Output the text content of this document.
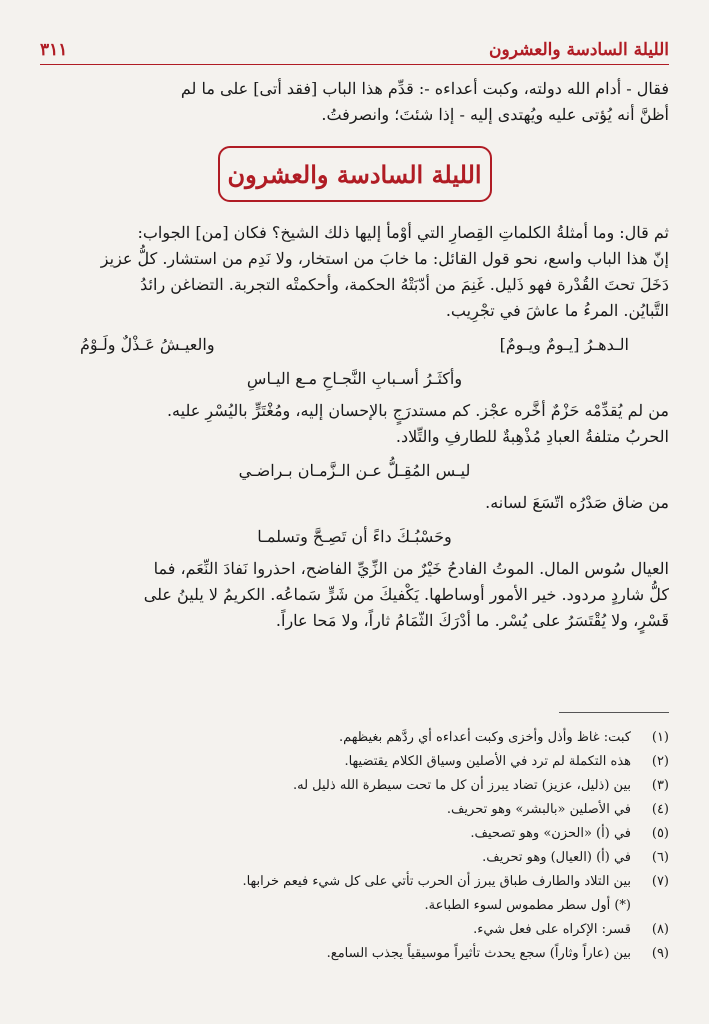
الليلة السادسة والعشرون
٣١١

فقال - أدام الله دولته، وكبت أعداءه -: قدِّم هذا الباب [فقد أتى] على ما لم

أظنَّ أنه يُؤتى عليه ويُهتدى إليه - إذا شئتَ؛ وانصرفتُ.

الليلة السادسة والعشرون

ثم قال: وما أمثلةُ الكلماتِ القِصارِ التي أوْمأ إليها ذلك الشيخ؟ فكان [من] الجواب:

إنّ هذا الباب واسع، نحو قول القائل: ما خابَ من استخار، ولا نَدِم من استشار. كلُّ عزيز

دَخَلَ تحتَ القُدْرة فهو ذَليل. غَنِمَ من أدّبَتْهُ الحكمة، وأحكمتْه التجربة. التضاغن رائدُ

التَّبايُن. المرءُ ما عاشَ في تجْرِيب.

الـدهـرُ [يـومٌ ويـومٌ]
والعيـشُ عَـذْلٌ ولَـوْمُ
وأكثَـرُ أسـبابِ النَّجـاحِ مـع اليـاسِ

من لم يُقدِّمْه حَزْمٌ أخَّره عجْز. كم مستدرَجٍ بالإحسان إليه، ومُغْتَرٍّ باليُسْرِ عليه.

الحربُ متلفةُ العبادِ مُذْهِبةٌ للطارفِ والتِّلاد.

ليـس المُقِـلُّ عـن الـزَّمـان بـراضـي

من ضاق صَدْرُه اتّسَعَ لسانه.

وحَسْبُـكَ داءً أن تَصِـحَّ وتسلمـا

العيال سُوس المال. الموتُ الفادحُ خَيْرٌ من الزِّيِّ الفاضح، احذروا نَفادَ النِّعَم، فما

كلُّ شاردٍ مردود. خير الأمور أوساطها. يَكْفيكَ من شَرٍّ سَماعُه. الكريمُ لا يلينُ على

قَسْرٍ، ولا يُقْتَسَرُ على يُسْر. ما أدْرَكَ الثّمَامُ ثاراً، ولا مَحا عاراً.

(١)
كبت: غاظ وأذل وأخزى وكبت أعداءه أي ردَّهم بغيظهم.
(٢)
هذه التكملة لم ترد في الأصلين وسياق الكلام يقتضيها.
(٣)
بين (ذليل، عزيز) تضاد يبرز أن كل ما تحت سيطرة الله ذليل له.
(٤)
في الأصلين «بالبشر» وهو تحريف.
(٥)
في (أ) «الحزن» وهو تصحيف.
(٦)
في (أ) (العيال) وهو تحريف.
(٧)
بين التلاد والطارف طباق يبرز أن الحرب تأتي على كل شيء فيعم خرابها.
(*) أول سطر مطموس لسوء الطباعة.
(٨)
قسر: الإكراه على فعل شيء.
(٩)
بين (عاراً وثاراً) سجع يحدث تأثيراً موسيقياً يجذب السامع.
